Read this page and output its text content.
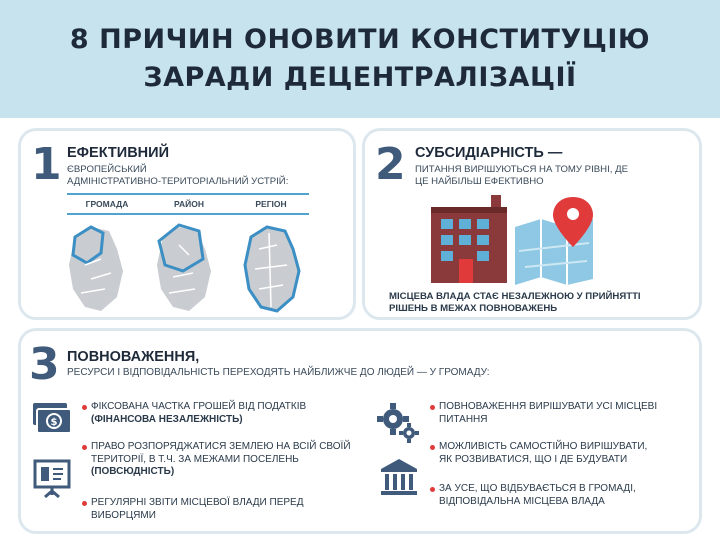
8 ПРИЧИН ОНОВИТИ КОНСТИТУЦІЮ
ЗАРАДИ ДЕЦЕНТРАЛІЗАЦІЇ
1 ЕФЕКТИВНИЙ
ЄВРОПЕЙСЬКИЙ
АДМІНІСТРАТИВНО-ТЕРИТОРІАЛЬНИЙ УСТРІЙ:
ГРОМАДА	РАЙОН	РЕГІОН
2 СУБСИДІАРНІСТЬ —
ПИТАННЯ ВИРІШУЮТЬСЯ НА ТОМУ РІВНІ, ДЕ
ЦЕ НАЙБІЛЬШ ЕФЕКТИВНО
МІСЦЕВА ВЛАДА СТАЄ НЕЗАЛЕЖНОЮ У ПРИЙНЯТТІ
РІШЕНЬ В МЕЖАХ ПОВНОВАЖЕНЬ
3 ПОВНОВАЖЕННЯ,
РЕСУРСИ І ВІДПОВІДАЛЬНІСТЬ ПЕРЕХОДЯТЬ НАЙБЛИЖЧЕ ДО ЛЮДЕЙ — У ГРОМАДУ:
$
ФІКСОВАНА ЧАСТКА ГРОШЕЙ ВІД ПОДАТКІВ
(ФІНАНСОВА НЕЗАЛЕЖНІСТЬ)
ПРАВО РОЗПОРЯДЖАТИСЯ ЗЕМЛЕЮ НА ВСІЙ СВОЇЙ
ТЕРИТОРІЇ, В Т.Ч. ЗА МЕЖАМИ ПОСЕЛЕНЬ
(ПОВСЮДНІСТЬ)
РЕГУЛЯРНІ ЗВІТИ МІСЦЕВОЇ ВЛАДИ ПЕРЕД
ВИБОРЦЯМИ
ПОВНОВАЖЕННЯ ВИРІШУВАТИ УСІ МІСЦЕВІ
ПИТАННЯ
МОЖЛИВІСТЬ САМОСТІЙНО ВИРІШУВАТИ,
ЯК РОЗВИВАТИСЯ, ЩО І ДЕ БУДУВАТИ
ЗА УСЕ, ЩО ВІДБУВАЄТЬСЯ В ГРОМАДІ,
ВІДПОВІДАЛЬНА МІСЦЕВА ВЛАДА
